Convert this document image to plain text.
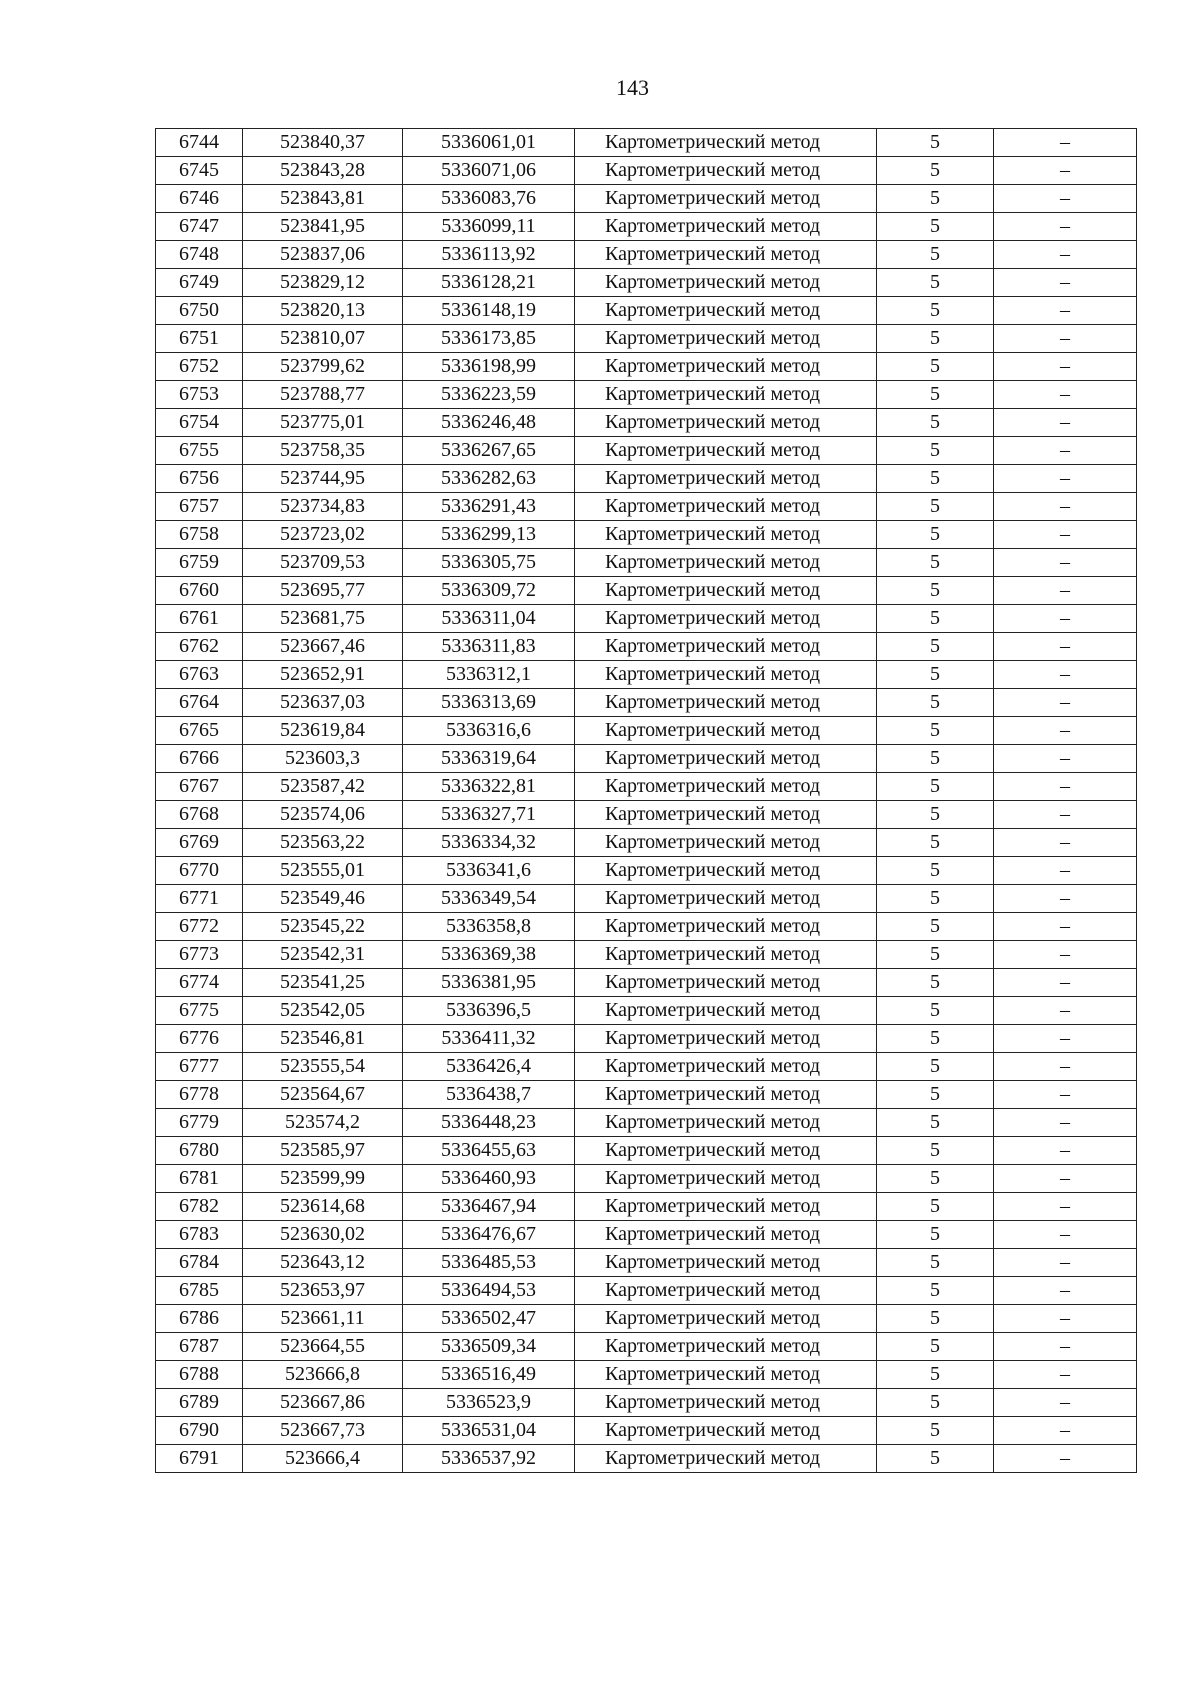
143
6744	523840,37	5336061,01	Картометрический метод	5	–
6745	523843,28	5336071,06	Картометрический метод	5	–
6746	523843,81	5336083,76	Картометрический метод	5	–
6747	523841,95	5336099,11	Картометрический метод	5	–
6748	523837,06	5336113,92	Картометрический метод	5	–
6749	523829,12	5336128,21	Картометрический метод	5	–
6750	523820,13	5336148,19	Картометрический метод	5	–
6751	523810,07	5336173,85	Картометрический метод	5	–
6752	523799,62	5336198,99	Картометрический метод	5	–
6753	523788,77	5336223,59	Картометрический метод	5	–
6754	523775,01	5336246,48	Картометрический метод	5	–
6755	523758,35	5336267,65	Картометрический метод	5	–
6756	523744,95	5336282,63	Картометрический метод	5	–
6757	523734,83	5336291,43	Картометрический метод	5	–
6758	523723,02	5336299,13	Картометрический метод	5	–
6759	523709,53	5336305,75	Картометрический метод	5	–
6760	523695,77	5336309,72	Картометрический метод	5	–
6761	523681,75	5336311,04	Картометрический метод	5	–
6762	523667,46	5336311,83	Картометрический метод	5	–
6763	523652,91	5336312,1	Картометрический метод	5	–
6764	523637,03	5336313,69	Картометрический метод	5	–
6765	523619,84	5336316,6	Картометрический метод	5	–
6766	523603,3	5336319,64	Картометрический метод	5	–
6767	523587,42	5336322,81	Картометрический метод	5	–
6768	523574,06	5336327,71	Картометрический метод	5	–
6769	523563,22	5336334,32	Картометрический метод	5	–
6770	523555,01	5336341,6	Картометрический метод	5	–
6771	523549,46	5336349,54	Картометрический метод	5	–
6772	523545,22	5336358,8	Картометрический метод	5	–
6773	523542,31	5336369,38	Картометрический метод	5	–
6774	523541,25	5336381,95	Картометрический метод	5	–
6775	523542,05	5336396,5	Картометрический метод	5	–
6776	523546,81	5336411,32	Картометрический метод	5	–
6777	523555,54	5336426,4	Картометрический метод	5	–
6778	523564,67	5336438,7	Картометрический метод	5	–
6779	523574,2	5336448,23	Картометрический метод	5	–
6780	523585,97	5336455,63	Картометрический метод	5	–
6781	523599,99	5336460,93	Картометрический метод	5	–
6782	523614,68	5336467,94	Картометрический метод	5	–
6783	523630,02	5336476,67	Картометрический метод	5	–
6784	523643,12	5336485,53	Картометрический метод	5	–
6785	523653,97	5336494,53	Картометрический метод	5	–
6786	523661,11	5336502,47	Картометрический метод	5	–
6787	523664,55	5336509,34	Картометрический метод	5	–
6788	523666,8	5336516,49	Картометрический метод	5	–
6789	523667,86	5336523,9	Картометрический метод	5	–
6790	523667,73	5336531,04	Картометрический метод	5	–
6791	523666,4	5336537,92	Картометрический метод	5	–
